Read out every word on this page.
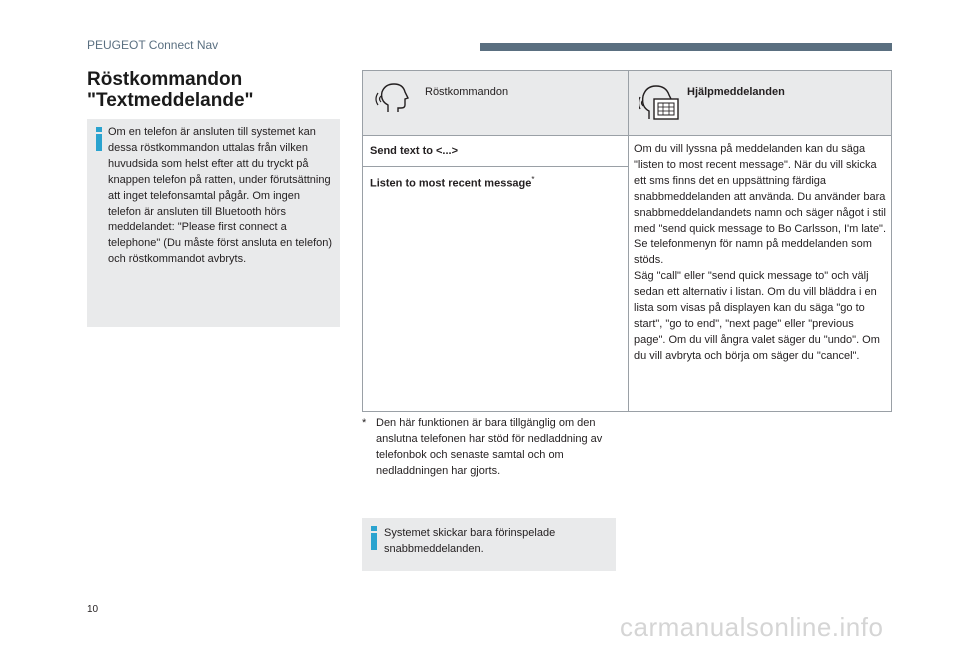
PEUGEOT Connect Nav
Röstkommandon
"Textmeddelande"

Om en telefon är ansluten till systemet kan dessa röstkommandon uttalas från vilken huvudsida som helst efter att du tryckt på knappen telefon på ratten, under förutsättning att inget telefonsamtal pågår. Om ingen telefon är ansluten till Bluetooth hörs meddelandet: "Please first connect a telephone" (Du måste först ansluta en telefon) och röstkommandot avbryts.

Röstkommandon	Hjälpmeddelanden
Send text to <...>
Listen to most recent message*
Om du vill lyssna på meddelanden kan du säga "listen to most recent message". När du vill skicka ett sms finns det en uppsättning färdiga snabbmeddelanden att använda. Du använder bara snabbmeddelandandets namn och säger något i stil med "send quick message to Bo Carlsson, I'm late". Se telefonmenyn för namn på meddelanden som stöds.
Säg "call" eller "send quick message to" och välj sedan ett alternativ i listan. Om du vill bläddra i en lista som visas på displayen kan du säga "go to start", "go to end", "next page" eller "previous page". Om du vill ångra valet säger du "undo". Om du vill avbryta och börja om säger du "cancel".
* Den här funktionen är bara tillgänglig om den anslutna telefonen har stöd för nedladdning av telefonbok och senaste samtal och om nedladdningen har gjorts.

Systemet skickar bara förinspelade snabbmeddelanden.

10
carmanualsonline.info
